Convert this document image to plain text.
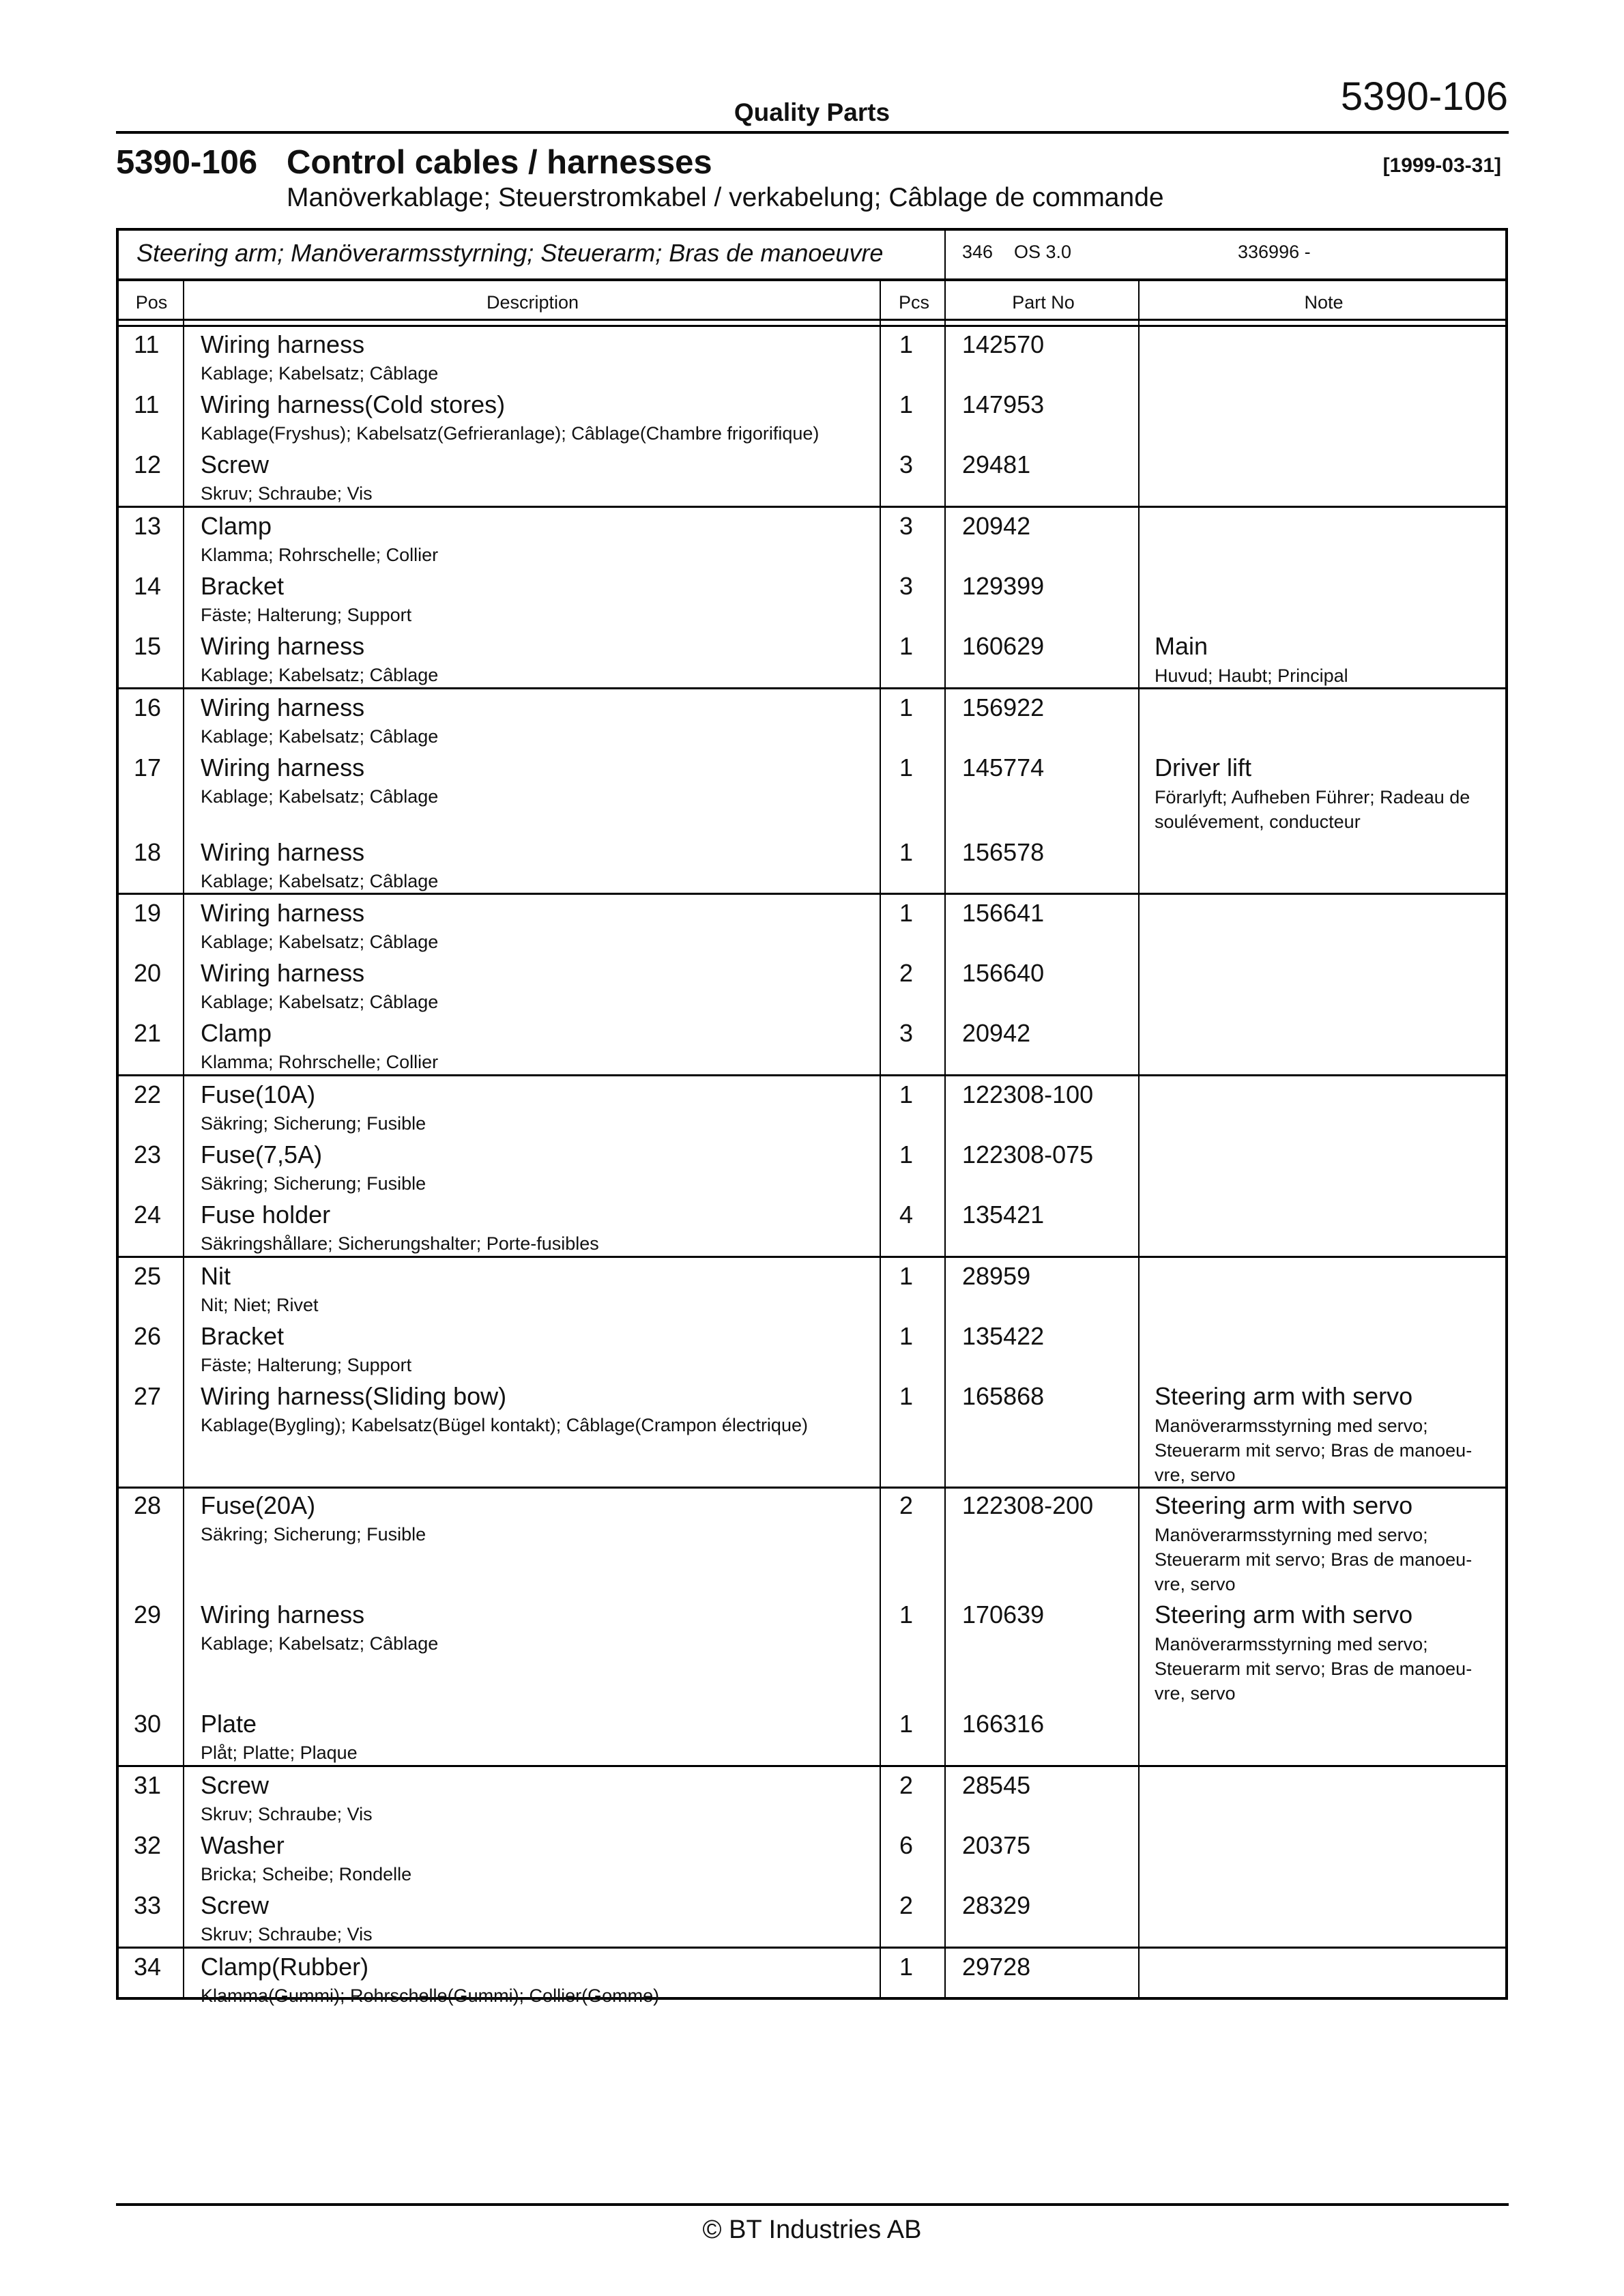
5390-106
Quality Parts
5390-106 Control cables / harnesses	[1999-03-31]
Manöverkablage; Steuerstromkabel / verkabelung; Câblage de commande
Steering arm; Manöverarmsstyrning; Steuerarm; Bras de manoeuvre	346 OS 3.0	336996 -
Pos	Description	Pcs	Part No	Note
11 Wiring harness
Kablage; Kabelsatz; Câblage
1 142570
11 Wiring harness(Cold stores)
Kablage(Fryshus); Kabelsatz(Gefrieranlage); Câblage(Chambre frigorifique)
1 147953
12 Screw
Skruv; Schraube; Vis
3 29481
13 Clamp
Klamma; Rohrschelle; Collier
3 20942
14 Bracket
Fäste; Halterung; Support
3 129399
15 Wiring harness
Kablage; Kabelsatz; Câblage
1 160629	Main
Huvud; Haubt; Principal
16 Wiring harness
Kablage; Kabelsatz; Câblage
1 156922
17 Wiring harness
Kablage; Kabelsatz; Câblage
1 145774	Driver lift
Förarlyft; Aufheben Führer; Radeau de soulévement, conducteur
18 Wiring harness
Kablage; Kabelsatz; Câblage
1 156578
19 Wiring harness
Kablage; Kabelsatz; Câblage
1 156641
20 Wiring harness
Kablage; Kabelsatz; Câblage
2 156640
21 Clamp
Klamma; Rohrschelle; Collier
3 20942
22 Fuse(10A)
Säkring; Sicherung; Fusible
1 122308-100
23 Fuse(7,5A)
Säkring; Sicherung; Fusible
1 122308-075
24 Fuse holder
Säkringshållare; Sicherungshalter; Porte-fusibles
4 135421
25 Nit
Nit; Niet; Rivet
1 28959
26 Bracket
Fäste; Halterung; Support
1 135422
27 Wiring harness(Sliding bow)
Kablage(Bygling); Kabelsatz(Bügel kontakt); Câblage(Crampon électrique)
1 165868	Steering arm with servo
Manöverarmsstyrning med servo; Steuerarm mit servo; Bras de manoeu-vre, servo
28 Fuse(20A)
Säkring; Sicherung; Fusible
2 122308-200 Steering arm with servo
Manöverarmsstyrning med servo; Steuerarm mit servo; Bras de manoeu-vre, servo
29 Wiring harness
Kablage; Kabelsatz; Câblage
1 170639	Steering arm with servo
Manöverarmsstyrning med servo; Steuerarm mit servo; Bras de manoeu-vre, servo
30 Plate
Plåt; Platte; Plaque
1 166316
31 Screw
Skruv; Schraube; Vis
2 28545
32 Washer
Bricka; Scheibe; Rondelle
6 20375
33 Screw
Skruv; Schraube; Vis
2 28329
34 Clamp(Rubber)
Klamma(Gummi); Rohrschelle(Gummi); Collier(Gomme)
1 29728
© BT Industries AB
